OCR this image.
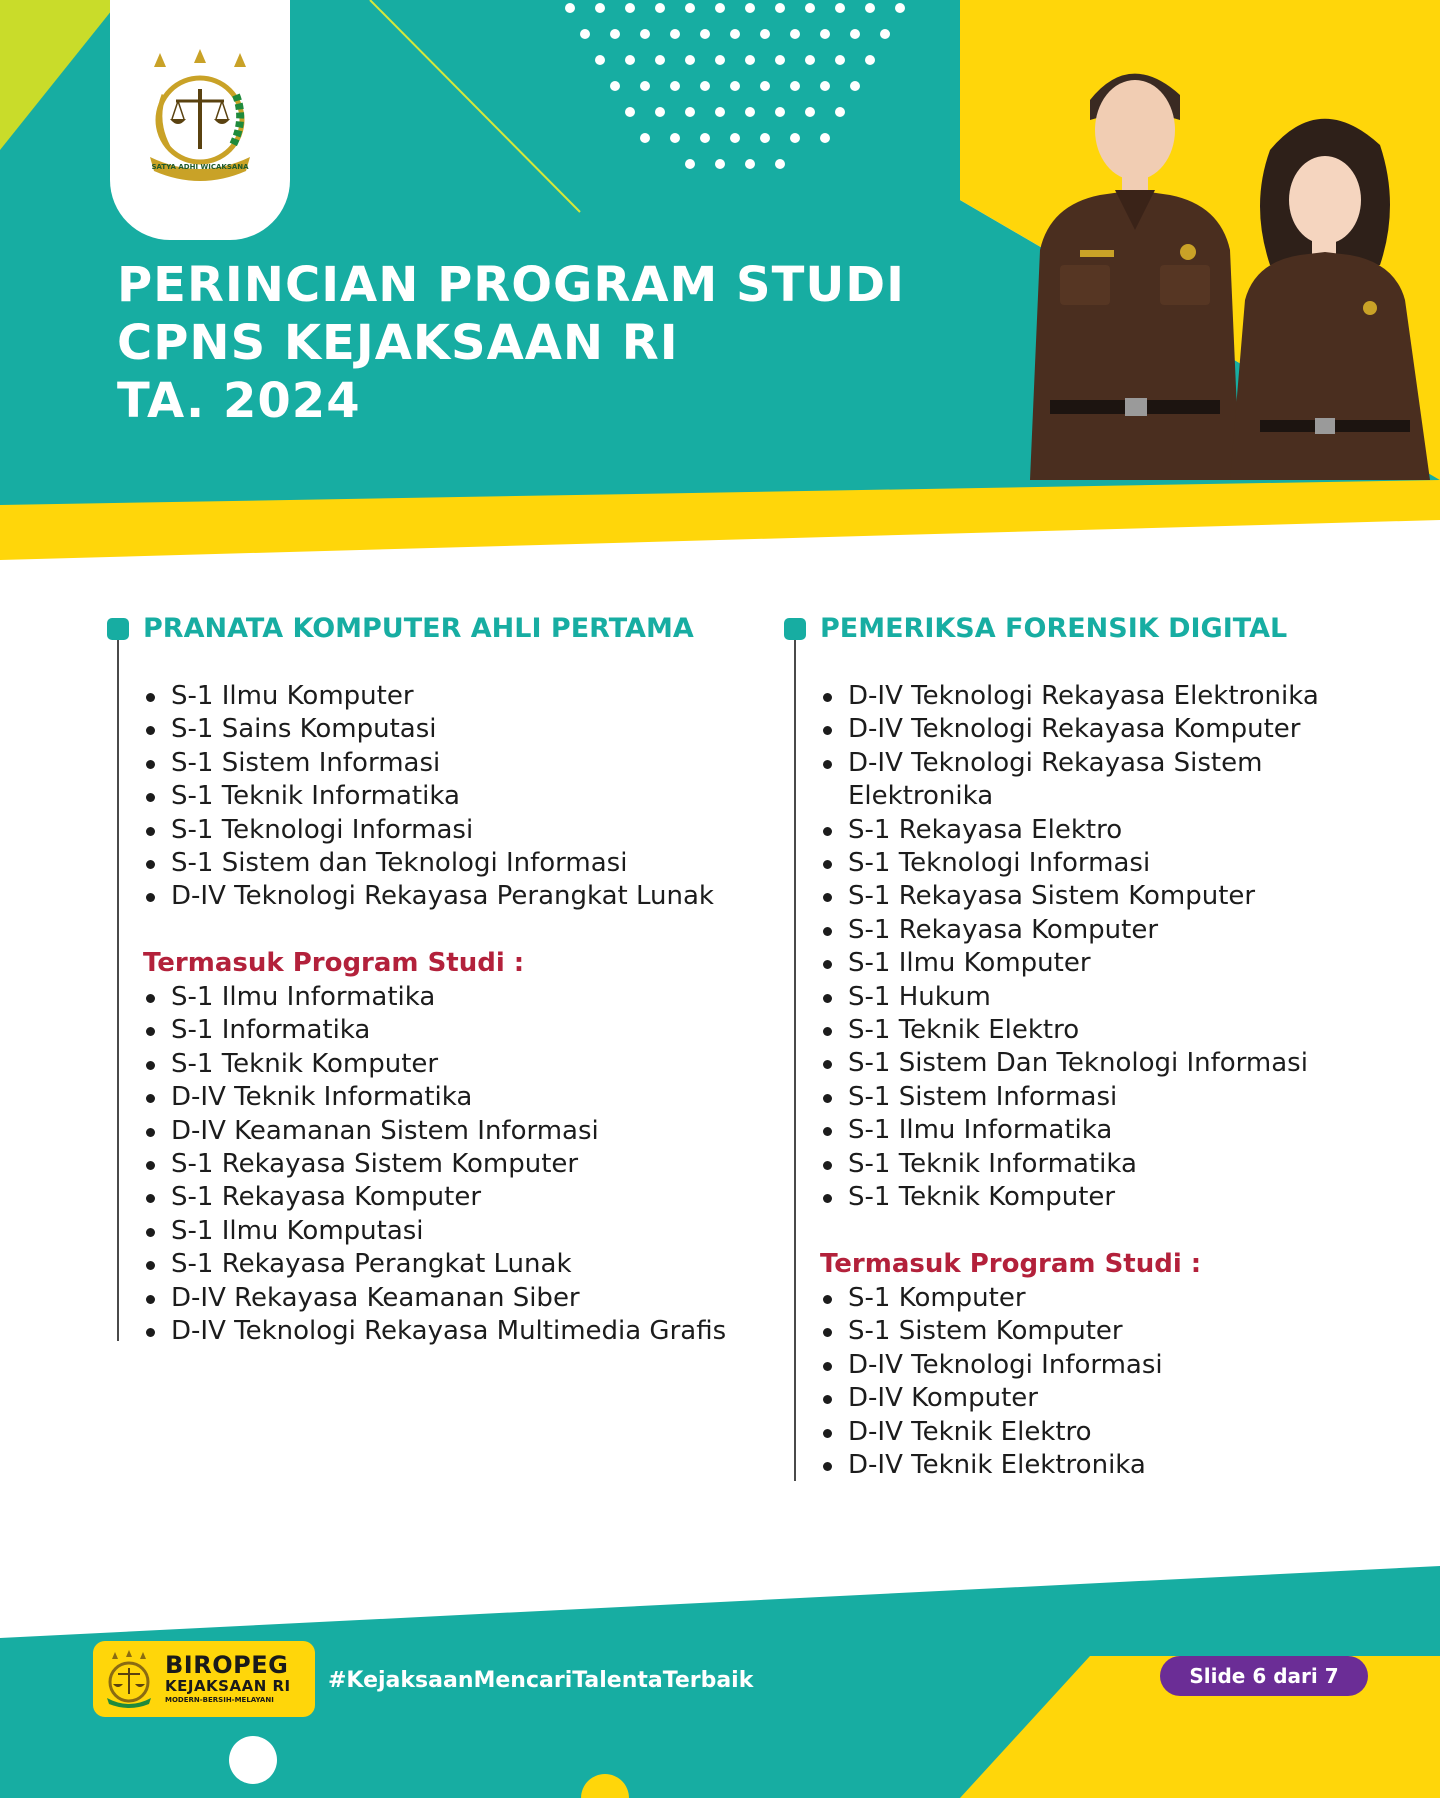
SATYA ADHI WICAKSANA
PERINCIAN PROGRAM STUDI
CPNS KEJAKSAAN RI
TA. 2024
PRANATA KOMPUTER AHLI PERTAMA
S-1 Ilmu Komputer
S-1 Sains Komputasi
S-1 Sistem Informasi
S-1 Teknik Informatika
S-1 Teknologi Informasi
S-1 Sistem dan Teknologi Informasi
D-IV Teknologi Rekayasa Perangkat Lunak
Termasuk Program Studi :
S-1 Ilmu Informatika
S-1 Informatika
S-1 Teknik Komputer
D-IV Teknik Informatika
D-IV Keamanan Sistem Informasi
S-1 Rekayasa Sistem Komputer
S-1 Rekayasa Komputer
S-1 Ilmu Komputasi
S-1 Rekayasa Perangkat Lunak
D-IV Rekayasa Keamanan Siber
D-IV Teknologi Rekayasa Multimedia Grafis
PEMERIKSA FORENSIK DIGITAL
D-IV Teknologi Rekayasa Elektronika
D-IV Teknologi Rekayasa Komputer
D-IV Teknologi Rekayasa Sistem Elektronika
S-1 Rekayasa Elektro
S-1 Teknologi Informasi
S-1 Rekayasa Sistem Komputer
S-1 Rekayasa Komputer
S-1 Ilmu Komputer
S-1 Hukum
S-1 Teknik Elektro
S-1 Sistem Dan Teknologi Informasi
S-1 Sistem Informasi
S-1 Ilmu Informatika
S-1 Teknik Informatika
S-1 Teknik Komputer
Termasuk Program Studi :
S-1 Komputer
S-1 Sistem Komputer
D-IV Teknologi Informasi
D-IV Komputer
D-IV Teknik Elektro
D-IV Teknik Elektronika
BIROPEG
KEJAKSAAN RI
MODERN-BERSIH-MELAYANI
#KejaksaanMencariTalentaTerbaik	Slide 6 dari 7
